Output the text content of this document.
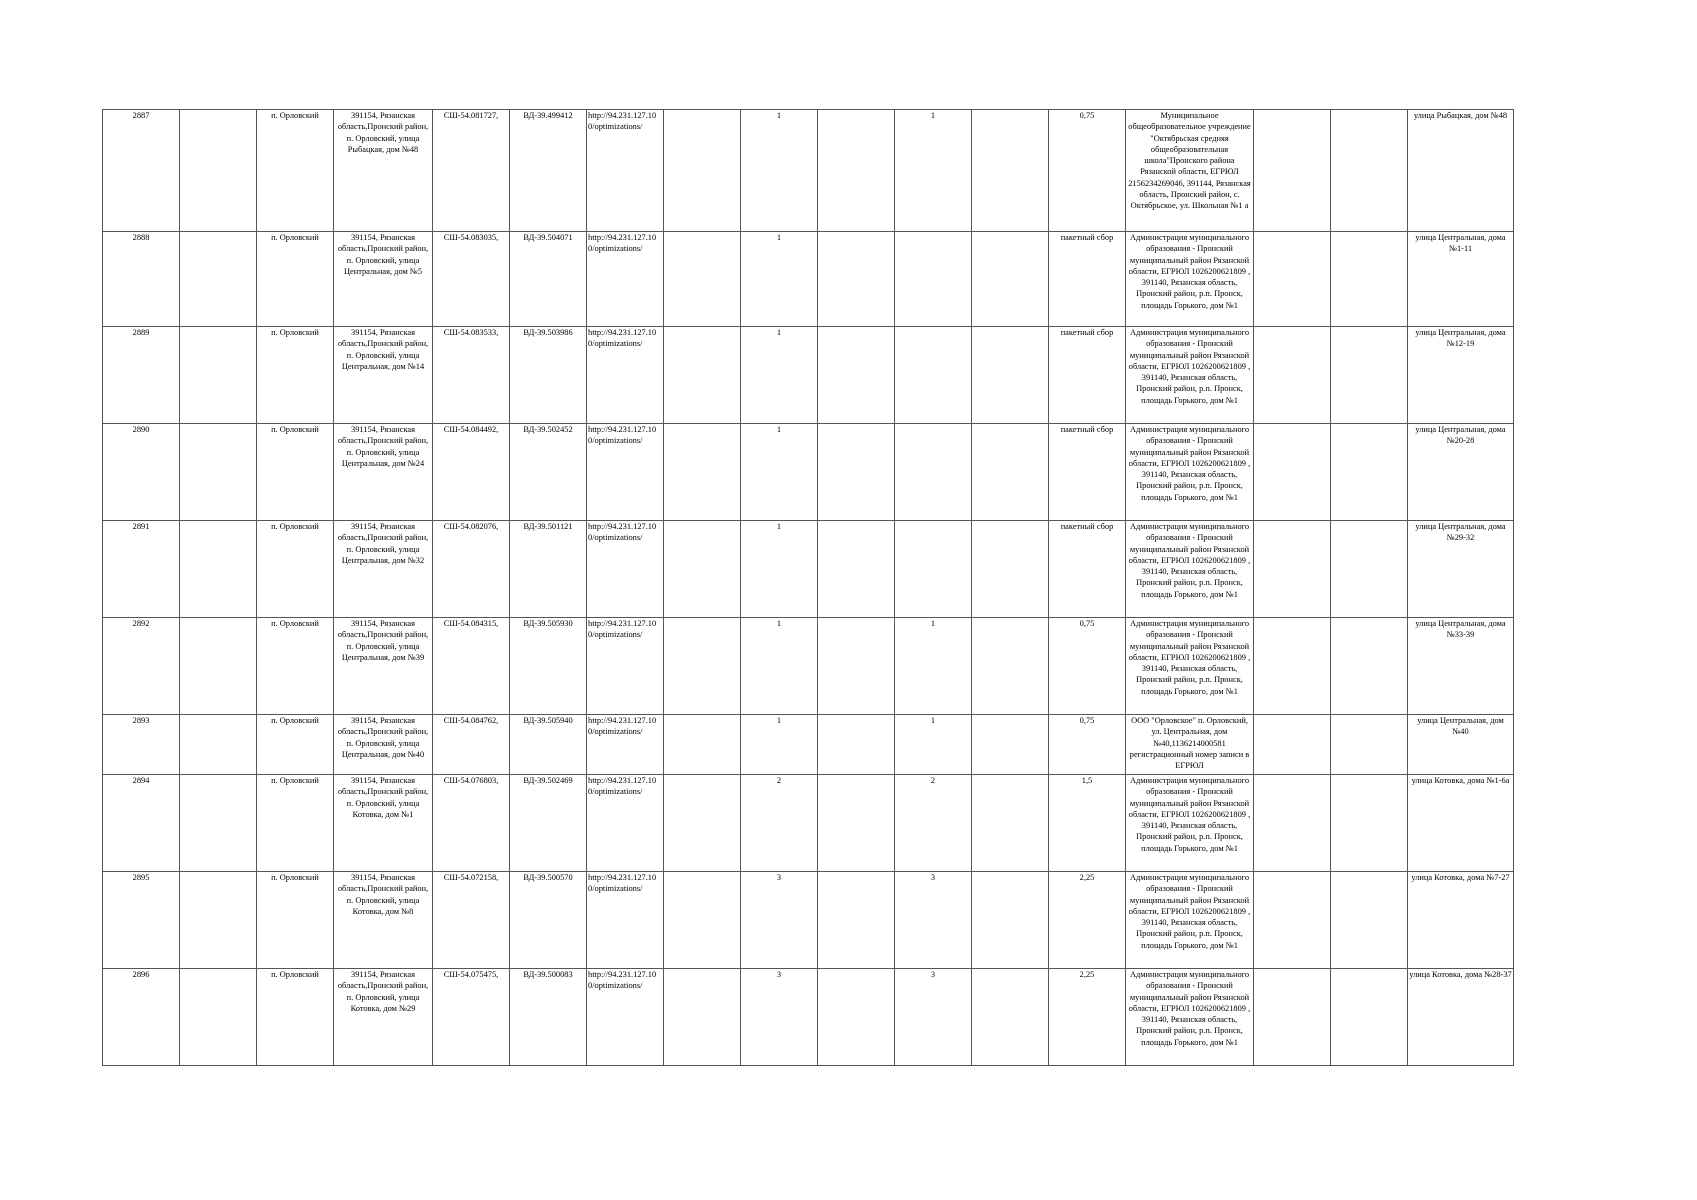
2887		п. Орловский	391154, Рязанская область,Пронский район, п. Орловский, улица Рыбацкая, дом №48	СШ-54.081727,	ВД-39.499412	http://94.231.127.10 0/optimizations/		1		1		0,75	Муниципальное общеобразовательное учреждение "Октябрьская средняя общеобразовательная школа"Пронского района Рязанской области, ЕГРЮЛ 2156234269046, 391144, Рязанская область, Пронский район, с. Октябрьское, ул. Школьная №1 а			улица Рыбацкая, дом №48
2888		п. Орловский	391154, Рязанская область,Пронский район, п. Орловский, улица Центральная, дом №5	СШ-54.083035,	ВД-39.504071	http://94.231.127.10 0/optimizations/		1				пакетный сбор	Администрация муниципального образования - Пронский муниципальный район Рязанской области, ЕГРЮЛ 1026200621809 , 391140, Рязанская область, Пронский район, р.п. Пронск, площадь Горького, дом №1			улица Центральная, дома №1-11
2889		п. Орловский	391154, Рязанская область,Пронский район, п. Орловский, улица Центральная, дом №14	СШ-54.083533,	ВД-39.503986	http://94.231.127.10 0/optimizations/		1				пакетный сбор	Администрация муниципального образования - Пронский муниципальный район Рязанской области, ЕГРЮЛ 1026200621809 , 391140, Рязанская область, Пронский район, р.п. Пронск, площадь Горького, дом №1			улица Центральная, дома №12-19
2890		п. Орловский	391154, Рязанская область,Пронский район, п. Орловский, улица Центральная, дом №24	СШ-54.084492,	ВД-39.502452	http://94.231.127.10 0/optimizations/		1				пакетный сбор	Администрация муниципального образования - Пронский муниципальный район Рязанской области, ЕГРЮЛ 1026200621809 , 391140, Рязанская область, Пронский район, р.п. Пронск, площадь Горького, дом №1			улица Центральная, дома №20-28
2891		п. Орловский	391154, Рязанская область,Пронский район, п. Орловский, улица Центральная, дом №32	СШ-54.082076,	ВД-39.501121	http://94.231.127.10 0/optimizations/		1				пакетный сбор	Администрация муниципального образования - Пронский муниципальный район Рязанской области, ЕГРЮЛ 1026200621809 , 391140, Рязанская область, Пронский район, р.п. Пронск, площадь Горького, дом №1			улица Центральная, дома №29-32
2892		п. Орловский	391154, Рязанская область,Пронский район, п. Орловский, улица Центральная, дом №39	СШ-54.084315,	ВД-39.505930	http://94.231.127.10 0/optimizations/		1		1		0,75	Администрация муниципального образования - Пронский муниципальный район Рязанской области, ЕГРЮЛ 1026200621809 , 391140, Рязанская область, Пронский район, р.п. Пронск, площадь Горького, дом №1			улица Центральная, дома №33-39
2893		п. Орловский	391154, Рязанская область,Пронский район, п. Орловский, улица Центральная, дом №40	СШ-54.084762,	ВД-39.505940	http://94.231.127.10 0/optimizations/		1		1		0,75	ООО "Орловское" п. Орловский, ул. Центральная, дом №40,1136214000581 регистрационный номер записи в ЕГРЮЛ			улица Центральная, дом №40
2894		п. Орловский	391154, Рязанская область,Пронский район, п. Орловский, улица Котовка, дом №1	СШ-54.076803,	ВД-39.502469	http://94.231.127.10 0/optimizations/		2		2		1,5	Администрация муниципального образования - Пронский муниципальный район Рязанской области, ЕГРЮЛ 1026200621809 , 391140, Рязанская область, Пронский район, р.п. Пронск, площадь Горького, дом №1			улица Котовка, дома №1-6а
2895		п. Орловский	391154, Рязанская область,Пронский район, п. Орловский, улица Котовка, дом №8	СШ-54.072158,	ВД-39.500570	http://94.231.127.10 0/optimizations/		3		3		2,25	Администрация муниципального образования - Пронский муниципальный район Рязанской области, ЕГРЮЛ 1026200621809 , 391140, Рязанская область, Пронский район, р.п. Пронск, площадь Горького, дом №1			улица Котовка, дома №7-27
2896		п. Орловский	391154, Рязанская область,Пронский район, п. Орловский, улица Котовка, дом №29	СШ-54.075475,	ВД-39.500083	http://94.231.127.10 0/optimizations/		3		3		2,25	Администрация муниципального образования - Пронский муниципальный район Рязанской области, ЕГРЮЛ 1026200621809 , 391140, Рязанская область, Пронский район, р.п. Пронск, площадь Горького, дом №1			улица Котовка, дома №28-37
